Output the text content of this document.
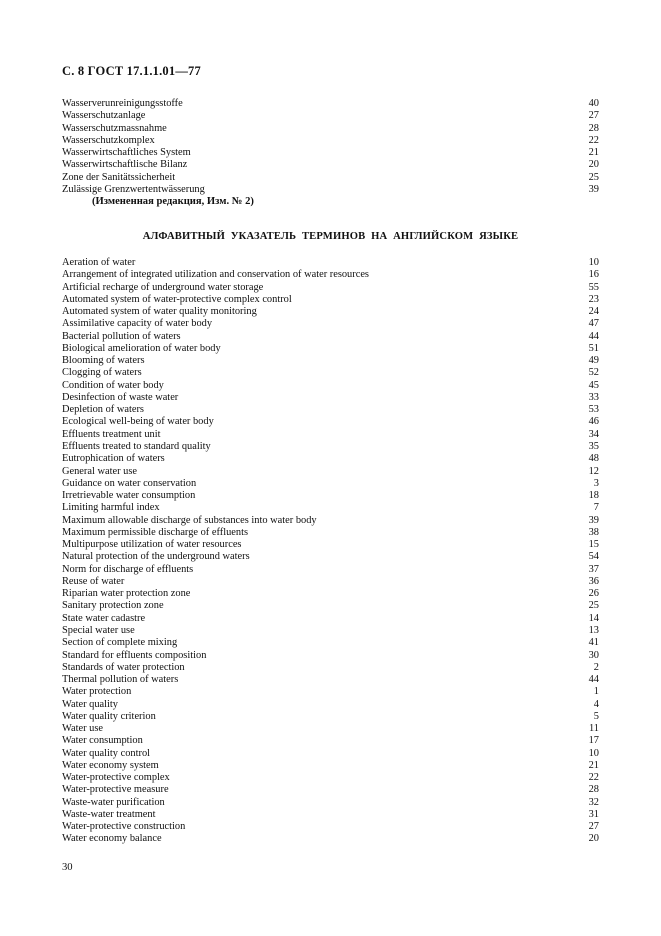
С. 8 ГОСТ 17.1.1.01—77
Wasserverunreinigungsstoffe	40
Wasserschutzanlage	27
Wasserschutzmassnahme	28
Wasserschutzkomplex	22
Wasserwirtschaftliches System	21
Wasserwirtschaftlische Bilanz	20
Zone der Sanitätssicherheit	25
Zulässige Grenzwertentwässerung	39
(Измененная редакция, Изм. № 2)
АЛФАВИТНЫЙ УКАЗАТЕЛЬ ТЕРМИНОВ НА АНГЛИЙСКОМ ЯЗЫКЕ
Aeration of water	10
Arrangement of integrated utilization and conservation of water resources	16
Artificial recharge of underground water storage	55
Automated system of water-protective complex control	23
Automated system of water quality monitoring	24
Assimilative capacity of water body	47
Bacterial pollution of waters	44
Biological amelioration of water body	51
Blooming of waters	49
Clogging of waters	52
Condition of water body	45
Desinfection of waste water	33
Depletion of waters	53
Ecological well-being of water body	46
Effluents treatment unit	34
Effluents treated to standard quality	35
Eutrophication of waters	48
General water use	12
Guidance on water conservation	3
Irretrievable water consumption	18
Limiting harmful index	7
Maximum allowable discharge of substances into water body	39
Maximum permissible discharge of effluents	38
Multipurpose utilization of water resources	15
Natural protection of the underground waters	54
Norm for discharge of effluents	37
Reuse of water	36
Riparian water protection zone	26
Sanitary protection zone	25
State water cadastre	14
Special water use	13
Section of complete mixing	41
Standard for effluents composition	30
Standards of water protection	2
Thermal pollution of waters	44
Water protection	1
Water quality	4
Water quality criterion	5
Water use	11
Water consumption	17
Water quality control	10
Water economy system	21
Water-protective complex	22
Water-protective measure	28
Waste-water purification	32
Waste-water treatment	31
Water-protective construction	27
Water economy balance	20
30
